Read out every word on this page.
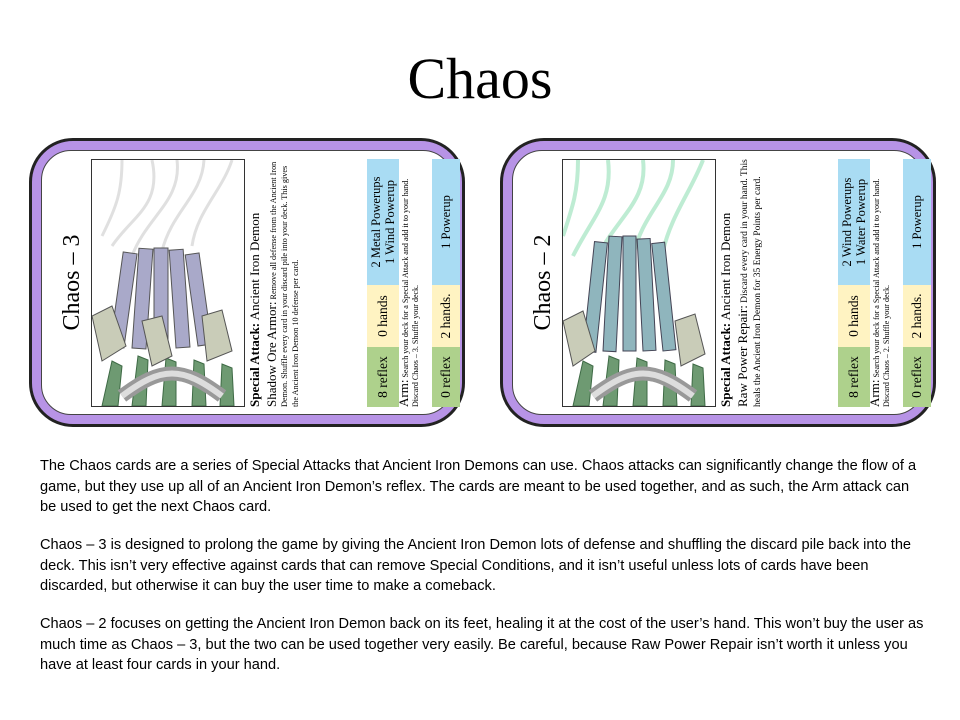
Chaos
Chaos – 3
Special Attack: Ancient Iron Demon
Shadow Ore Armor: Remove all defense from the Ancient Iron Demon. Shuffle every card in your discard pile into your deck. This gives the Ancient Iron Demon 10 defense per card.	8 reflex
0 hands
2 Metal Powerups 1 Wind Powerup
Arm: Search your deck for a Special Attack and add it to your hand. Discard Chaos – 3. Shuffle your deck.	0 reflex
2 hands.
1 Powerup
Chaos – 2
Special Attack: Ancient Iron Demon
Raw Power Repair: Discard every card in your hand. This heals the Ancient Iron Demon for 35 Energy Points per card.	8 reflex
0 hands
2 Wind Powerups 1 Water Powerup
Arm: Search your deck for a Special Attack and add it to your hand. Discard Chaos – 2. Shuffle your deck.	0 reflex
2 hands.
1 Powerup

The Chaos cards are a series of Special Attacks that Ancient Iron Demons can use. Chaos attacks can significantly change the flow of a game, but they use up all of an Ancient Iron Demon’s reflex. The cards are meant to be used together, and as such, the Arm attack can be used to get the next Chaos card.

Chaos – 3 is designed to prolong the game by giving the Ancient Iron Demon lots of defense and shuffling the discard pile back into the deck. This isn’t very effective against cards that can remove Special Conditions, and it isn’t useful unless lots of cards have been discarded, but otherwise it can buy the user time to make a comeback.

Chaos – 2 focuses on getting the Ancient Iron Demon back on its feet, healing it at the cost of the user’s hand. This won’t buy the user as much time as Chaos – 3, but the two can be used together very easily. Be careful, because Raw Power Repair isn’t worth it unless you have at least four cards in your hand.
